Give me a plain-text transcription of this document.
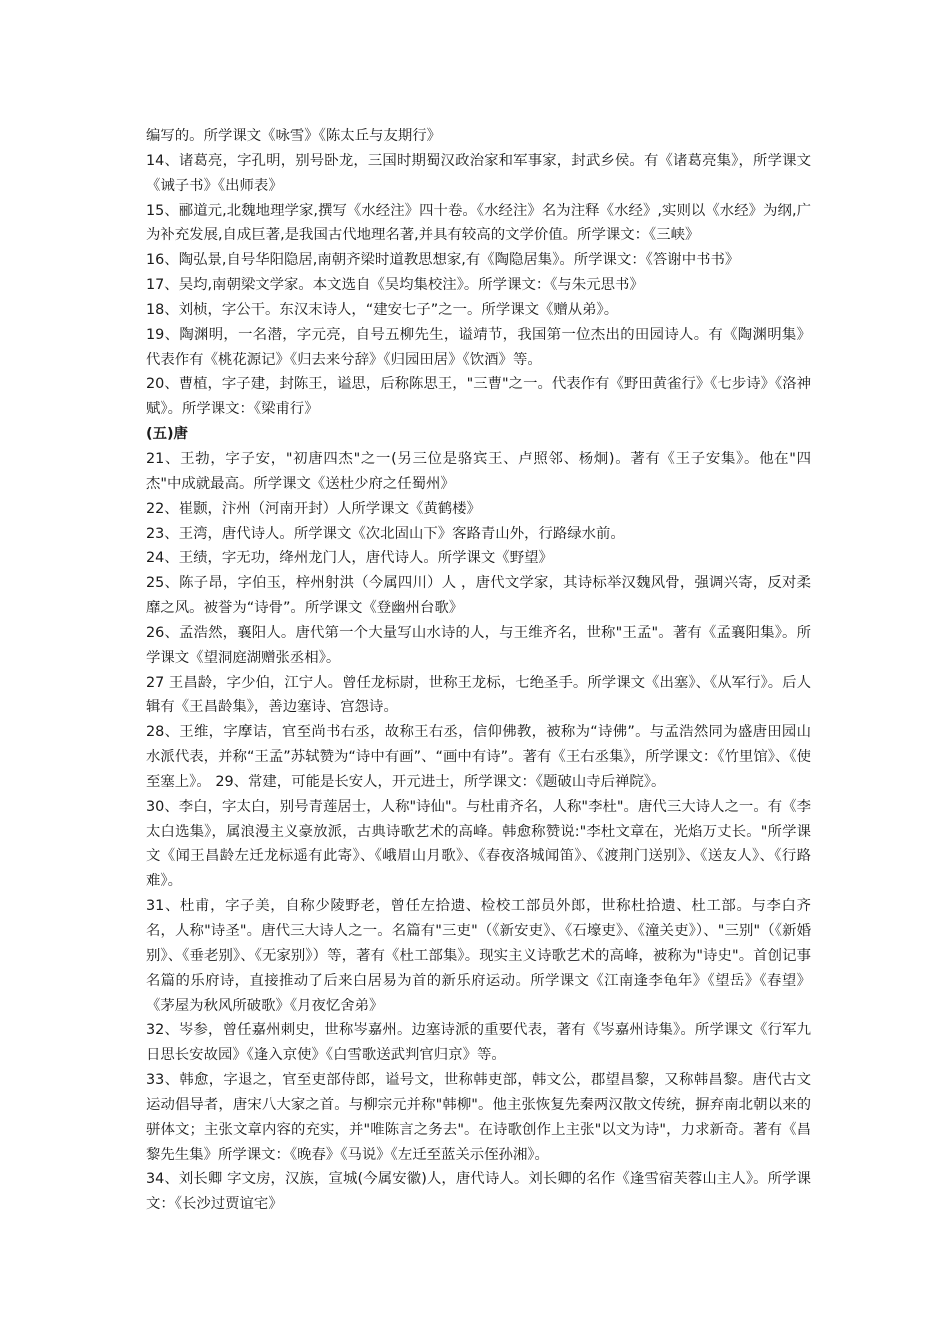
编写的。所学课文《咏雪》《陈太丘与友期行》

14、诸葛亮，字孔明，别号卧龙，三国时期蜀汉政治家和军事家，封武乡侯。有《诸葛亮集》，所学课文《诫子书》《出师表》

15、郦道元,北魏地理学家,撰写《水经注》四十卷。《水经注》名为注释《水经》,实则以《水经》为纲,广为补充发展,自成巨著,是我国古代地理名著,并具有较高的文学价值。所学课文：《三峡》

16、陶弘景,自号华阳隐居,南朝齐梁时道教思想家,有《陶隐居集》。所学课文：《答谢中书书》

17、吴均,南朝梁文学家。本文选自《吴均集校注》。所学课文：《与朱元思书》

18、刘桢，字公干。东汉末诗人，“建安七子”之一。所学课文《赠从弟》。

19、陶渊明，一名潜，字元亮，自号五柳先生，谥靖节，我国第一位杰出的田园诗人。有《陶渊明集》代表作有《桃花源记》《归去来兮辞》《归园田居》《饮酒》等。

20、曹植，字子建，封陈王，谥思，后称陈思王，"三曹"之一。代表作有《野田黄雀行》《七步诗》《洛神赋》。所学课文：《梁甫行》

(五)唐

21、王勃，字子安，"初唐四杰"之一(另三位是骆宾王、卢照邻、杨炯)。著有《王子安集》。他在"四杰"中成就最高。所学课文《送杜少府之任蜀州》

22、崔颢，汴州（河南开封）人所学课文《黄鹤楼》

23、王湾，唐代诗人。所学课文《次北固山下》客路青山外，行路绿水前。

24、王绩，字无功，绛州龙门人，唐代诗人。所学课文《野望》

25、陈子昂，字伯玉，梓州射洪（今属四川）人 ，唐代文学家，其诗标举汉魏风骨，强调兴寄，反对柔靡之风。被誉为“诗骨”。所学课文《登幽州台歌》

26、孟浩然，襄阳人。唐代第一个大量写山水诗的人，与王维齐名，世称"王孟"。著有《孟襄阳集》。所学课文《望洞庭湖赠张丞相》。

27 王昌龄，字少伯，江宁人。曾任龙标尉，世称王龙标，七绝圣手。所学课文《出塞》、《从军行》。后人辑有《王昌龄集》，善边塞诗、宫怨诗。

28、王维，字摩诘，官至尚书右丞，故称王右丞，信仰佛教，被称为“诗佛”。与孟浩然同为盛唐田园山水派代表，并称“王孟”苏轼赞为“诗中有画”、“画中有诗”。著有《王右丞集》，所学课文：《竹里馆》、《使至塞上》。 29、常建，可能是长安人，开元进士，所学课文：《题破山寺后禅院》。

30、李白，字太白，别号青莲居士，人称"诗仙"。与杜甫齐名，人称"李杜"。唐代三大诗人之一。有《李太白选集》，属浪漫主义豪放派，古典诗歌艺术的高峰。韩愈称赞说:"李杜文章在，光焰万丈长。"所学课文《闻王昌龄左迁龙标遥有此寄》、《峨眉山月歌》、《春夜洛城闻笛》、《渡荆门送别》、《送友人》、《行路难》。

31、杜甫，字子美，自称少陵野老，曾任左拾遗、检校工部员外郎，世称杜拾遗、杜工部。与李白齐名，人称"诗圣"。唐代三大诗人之一。名篇有"三吏"（《新安吏》、《石壕吏》、《潼关吏》）、"三别"（《新婚别》、《垂老别》、《无家别》）等，著有《杜工部集》。现实主义诗歌艺术的高峰，被称为"诗史"。首创记事名篇的乐府诗，直接推动了后来白居易为首的新乐府运动。所学课文《江南逢李龟年》《望岳》《春望》《茅屋为秋风所破歌》《月夜忆舍弟》

32、岑参，曾任嘉州刺史，世称岑嘉州。边塞诗派的重要代表，著有《岑嘉州诗集》。所学课文《行军九日思长安故园》《逢入京使》《白雪歌送武判官归京》等。

33、韩愈，字退之，官至吏部侍郎，谥号文，世称韩吏部，韩文公，郡望昌黎，又称韩昌黎。唐代古文运动倡导者，唐宋八大家之首。与柳宗元并称"韩柳"。他主张恢复先秦两汉散文传统，摒弃南北朝以来的骈体文；主张文章内容的充实，并"唯陈言之务去"。在诗歌创作上主张"以文为诗"，力求新奇。著有《昌黎先生集》所学课文：《晚春》《马说》《左迁至蓝关示侄孙湘》。

34、刘长卿 字文房，汉族，宣城(今属安徽)人，唐代诗人。刘长卿的名作《逢雪宿芙蓉山主人》。所学课文：《长沙过贾谊宅》
